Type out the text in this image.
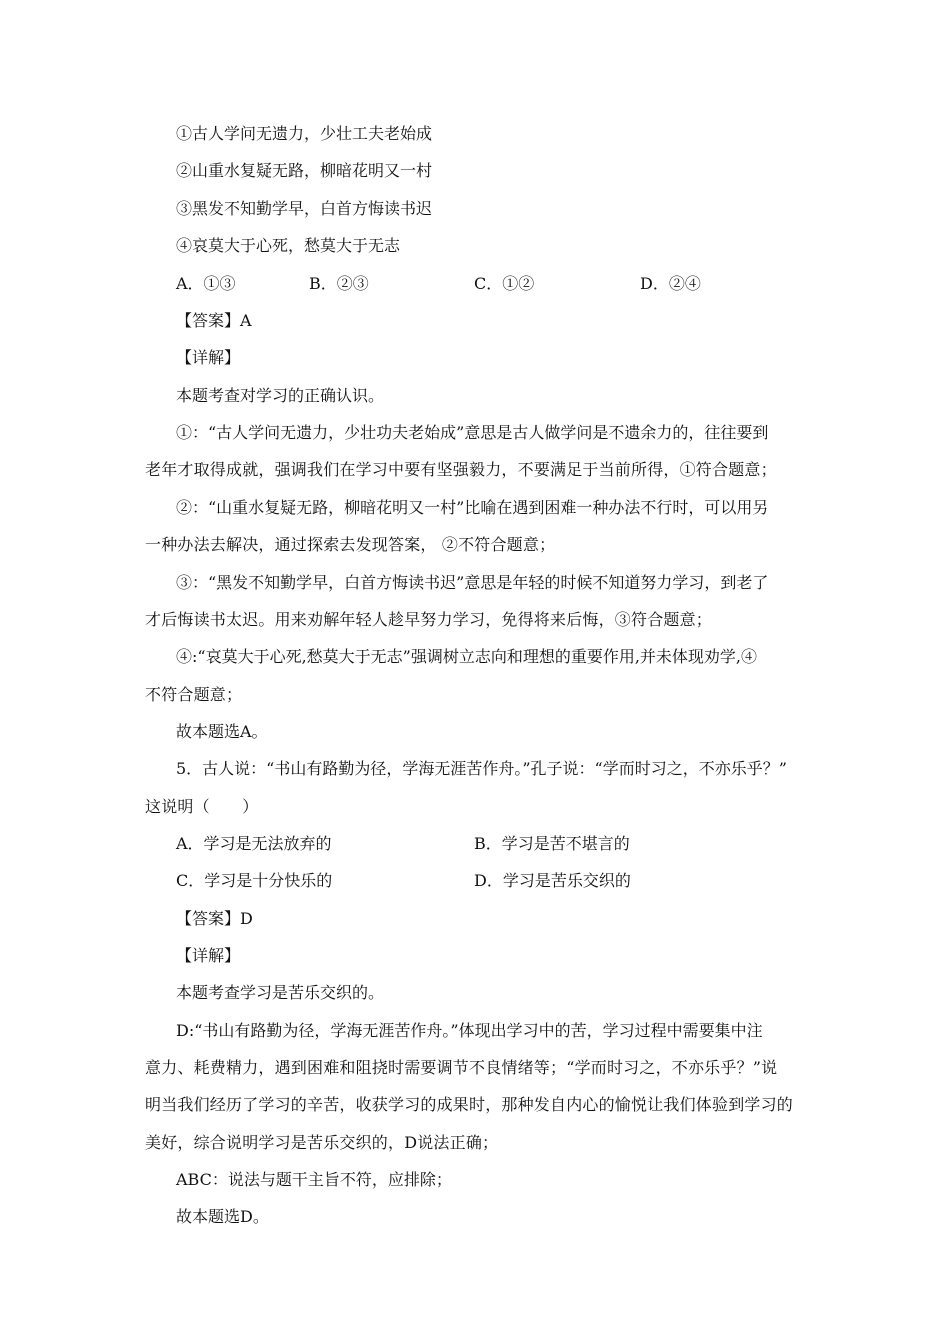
①古人学问无遗力，少壮工夫老始成
②山重水复疑无路，柳暗花明又一村
③黑发不知勤学早，白首方悔读书迟
④哀莫大于心死，愁莫大于无志
A．①③	B．②③	C．①②	D．②④
【答案】A
【详解】
本题考查对学习的正确认识。
①：“古人学问无遗力，少壮功夫老始成”意思是古人做学问是不遗余力的，往往要到
老年才取得成就，强调我们在学习中要有坚强毅力，不要满足于当前所得，①符合题意；
②：“山重水复疑无路，柳暗花明又一村”比喻在遇到困难一种办法不行时，可以用另
一种办法去解决，通过探索去发现答案， ②不符合题意；
③：“黑发不知勤学早，白首方悔读书迟”意思是年轻的时候不知道努力学习，到老了
才后悔读书太迟。用来劝解年轻人趁早努力学习，免得将来后悔，③符合题意；
④:“哀莫大于心死,愁莫大于无志”强调树立志向和理想的重要作用,并未体现劝学,④
不符合题意；
故本题选A。
5．古人说：“书山有路勤为径，学海无涯苦作舟。”孔子说：“学而时习之，不亦乐乎？”
这说明（　　）
A．学习是无法放弃的	B．学习是苦不堪言的
C．学习是十分快乐的	D．学习是苦乐交织的
【答案】D
【详解】
本题考查学习是苦乐交织的。
D:“书山有路勤为径，学海无涯苦作舟。”体现出学习中的苦，学习过程中需要集中注
意力、耗费精力，遇到困难和阻挠时需要调节不良情绪等；“学而时习之，不亦乐乎？”说
明当我们经历了学习的辛苦，收获学习的成果时，那种发自内心的愉悦让我们体验到学习的
美好，综合说明学习是苦乐交织的，D说法正确；
ABC：说法与题干主旨不符，应排除；
故本题选D。
